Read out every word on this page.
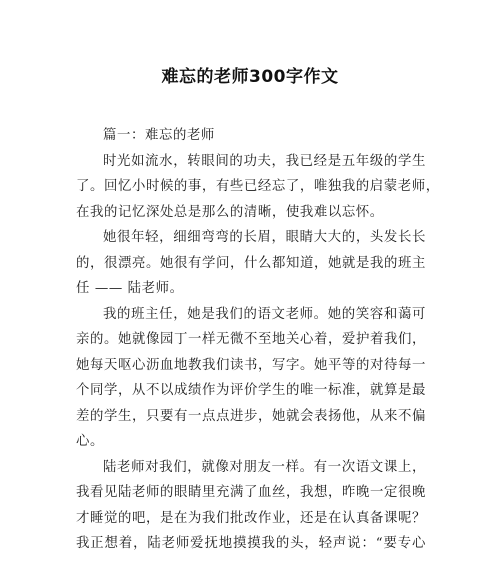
难忘的老师300字作文
篇一：难忘的老师
时光如流水，转眼间的功夫，我已经是五年级的学生
了。回忆小时候的事，有些已经忘了，唯独我的启蒙老师，
在我的记忆深处总是那么的清晰，使我难以忘怀。
她很年轻，细细弯弯的长眉，眼睛大大的，头发长长
的，很漂亮。她很有学问，什么都知道，她就是我的班主
任 —— 陆老师。
我的班主任，她是我们的语文老师。她的笑容和蔼可
亲的。她就像园丁一样无微不至地关心着，爱护着我们，
她每天呕心沥血地教我们读书，写字。她平等的对待每一
个同学，从不以成绩作为评价学生的唯一标准，就算是最
差的学生，只要有一点点进步，她就会表扬他，从来不偏
心。
陆老师对我们，就像对朋友一样。有一次语文课上，
我看见陆老师的眼睛里充满了血丝，我想，昨晚一定很晚
才睡觉的吧，是在为我们批改作业，还是在认真备课呢？
我正想着，陆老师爱抚地摸摸我的头，轻声说：“要专心
